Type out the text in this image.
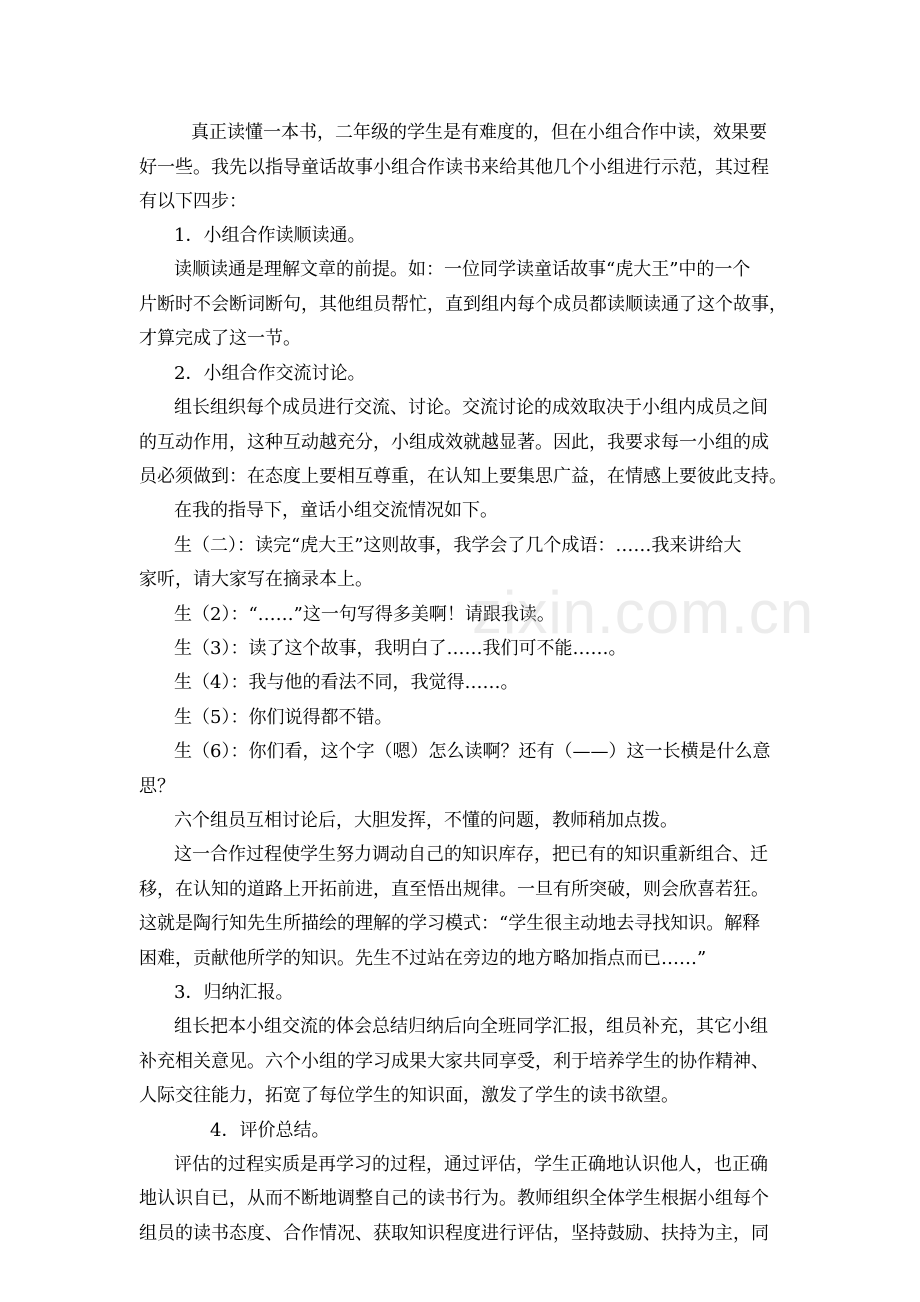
真正读懂一本书，二年级的学生是有难度的，但在小组合作中读，效果要
好一些。我先以指导童话故事小组合作读书来给其他几个小组进行示范，其过程
有以下四步：
1．小组合作读顺读通。
读顺读通是理解文章的前提。如：一位同学读童话故事“虎大王”中的一个
片断时不会断词断句，其他组员帮忙，直到组内每个成员都读顺读通了这个故事，
才算完成了这一节。
2．小组合作交流讨论。
组长组织每个成员进行交流、讨论。交流讨论的成效取决于小组内成员之间
的互动作用，这种互动越充分，小组成效就越显著。因此，我要求每一小组的成
员必须做到：在态度上要相互尊重，在认知上要集思广益，在情感上要彼此支持。
在我的指导下，童话小组交流情况如下。
生（二）：读完“虎大王”这则故事，我学会了几个成语：……我来讲给大
家听，请大家写在摘录本上。
生（2）：“……”这一句写得多美啊！请跟我读。
生（3）：读了这个故事，我明白了……我们可不能……。
生（4）：我与他的看法不同，我觉得……。
生（5）：你们说得都不错。
生（6）：你们看，这个字（嗯）怎么读啊？还有（——）这一长横是什么意
思？
六个组员互相讨论后，大胆发挥，不懂的问题，教师稍加点拨。
这一合作过程使学生努力调动自己的知识库存，把已有的知识重新组合、迁
移，在认知的道路上开拓前进，直至悟出规律。一旦有所突破，则会欣喜若狂。
这就是陶行知先生所描绘的理解的学习模式：“学生很主动地去寻找知识。解释
困难，贡献他所学的知识。先生不过站在旁边的地方略加指点而已……”
3．归纳汇报。
组长把本小组交流的体会总结归纳后向全班同学汇报，组员补充，其它小组
补充相关意见。六个小组的学习成果大家共同享受，利于培养学生的协作精神、
人际交往能力，拓宽了每位学生的知识面，激发了学生的读书欲望。
4．评价总结。
评估的过程实质是再学习的过程，通过评估，学生正确地认识他人，也正确
地认识自已，从而不断地调整自己的读书行为。教师组织全体学生根据小组每个
组员的读书态度、合作情况、获取知识程度进行评估，坚持鼓励、扶持为主，同
zixin.com.cn
